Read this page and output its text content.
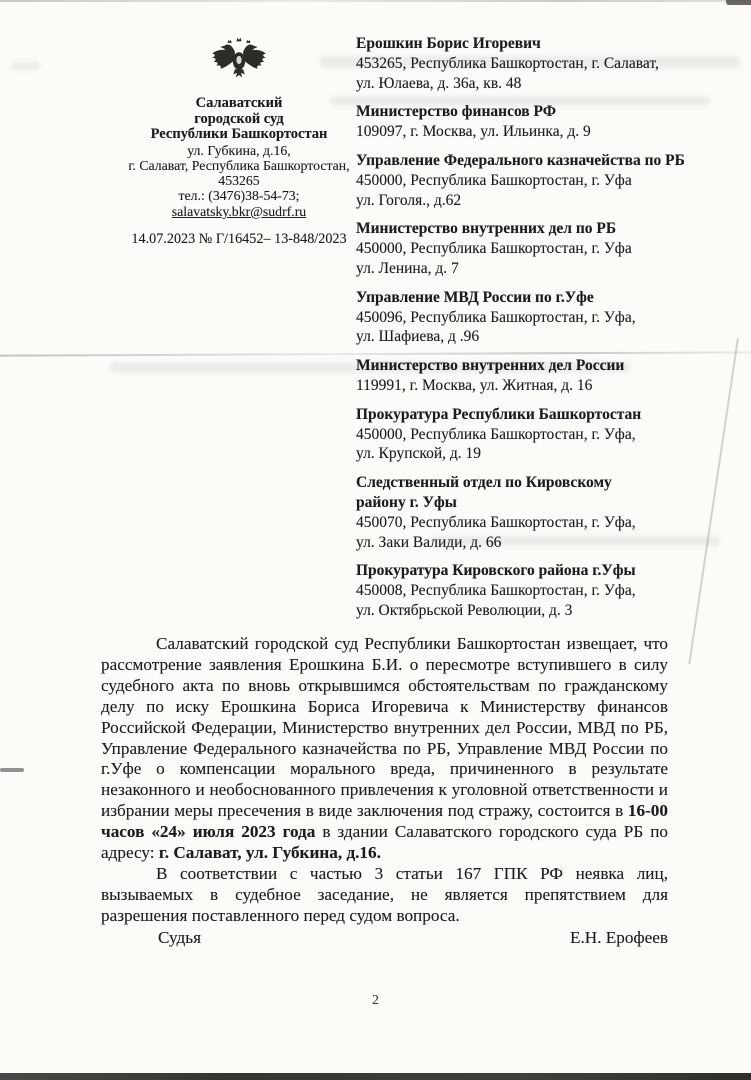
Салаватский
городской суд
Республики Башкортостан
ул. Губкина, д.16,
г. Салават, Республика Башкортостан,
453265
тел.: (3476)38-54-73;
salavatsky.bkr@sudrf.ru
14.07.2023 № Г/16452– 13-848/2023
Ерошкин Борис Игоревич
453265, Республика Башкортостан, г. Салават,
ул. Юлаева, д. 36а, кв. 48
Министерство финансов РФ
109097, г. Москва, ул. Ильинка, д. 9
Управление Федерального казначейства по РБ
450000, Республика Башкортостан, г. Уфа
ул. Гоголя., д.62
Министерство внутренних дел по РБ
450000, Республика Башкортостан, г. Уфа
ул. Ленина, д. 7
Управление МВД России по г.Уфе
450096, Республика Башкортостан, г. Уфа,
ул. Шафиева, д .96
Министерство внутренних дел России
119991, г. Москва, ул. Житная, д. 16
Прокуратура Республики Башкортостан
450000, Республика Башкортостан, г. Уфа,
ул. Крупской, д. 19
Следственный отдел по Кировскому
району г. Уфы
450070, Республика Башкортостан, г. Уфа,
ул. Заки Валиди, д. 66
Прокуратура Кировского района г.Уфы
450008, Республика Башкортостан, г. Уфа,
ул. Октябрьской Революции, д. 3

Салаватский городской суд Республики Башкортостан извещает, что рассмотрение заявления Ерошкина Б.И. о пересмотре вступившего в силу судебного акта по вновь открывшимся обстоятельствам по гражданскому делу по иску Ерошкина Бориса Игоревича к Министерству финансов Российской Федерации, Министерство внутренних дел России, МВД по РБ, Управление Федерального казначейства по РБ, Управление МВД России по г.Уфе о компенсации морального вреда, причиненного в результате незаконного и необоснованного привлечения к уголовной ответственности и избрании меры пресечения в виде заключения под стражу, состоится в 16-00 часов «24» июля 2023 года в здании Салаватского городского суда РБ по адресу: г. Салават, ул. Губкина, д.16.

В соответствии с частью 3 статьи 167 ГПК РФ неявка лиц, вызываемых в судебное заседание, не является препятствием для разрешения поставленного перед судом вопроса.

Судья	Е.Н. Ерофеев
2
